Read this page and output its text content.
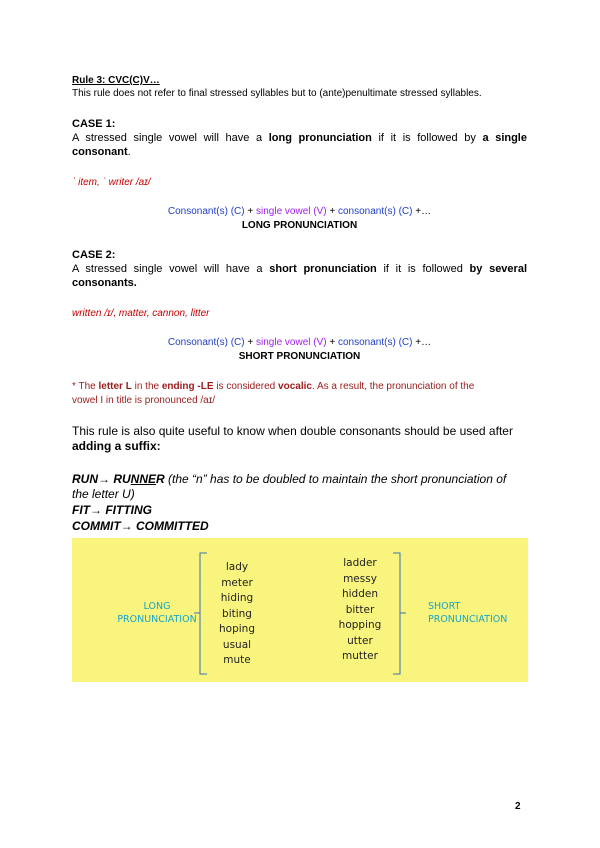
Rule 3: CVC(C)V…
This rule does not refer to final stressed syllables but to (ante)penultimate stressed syllables.
CASE 1:
A stressed single vowel will have a long pronunciation if it is followed by a single
consonant.
ˈ item, ˈ writer /aɪ/
Consonant(s) (C) + single vowel (V) + consonant(s) (C) +…
LONG PRONUNCIATION
CASE 2:
A stressed single vowel will have a short pronunciation if it is followed by several
consonants.
written /ɪ/, matter, cannon, litter
Consonant(s) (C) + single vowel (V) + consonant(s) (C) +…
SHORT PRONUNCIATION
* The letter L in the ending -LE is considered vocalic. As a result, the pronunciation of the
vowel I in title is pronounced /aɪ/
This rule is also quite useful to know when double consonants should be used after
adding a suffix:
RUN→ RUNNER (the “n” has to be doubled to maintain the short pronunciation of
the letter U)
FIT→ FITTING
COMMIT→ COMMITTED
LONG
PRONUNCIATION
lady
meter
hiding
biting
hoping
usual
mute
ladder
messy
hidden
bitter
hopping
utter
mutter
SHORT
PRONUNCIATION
2
